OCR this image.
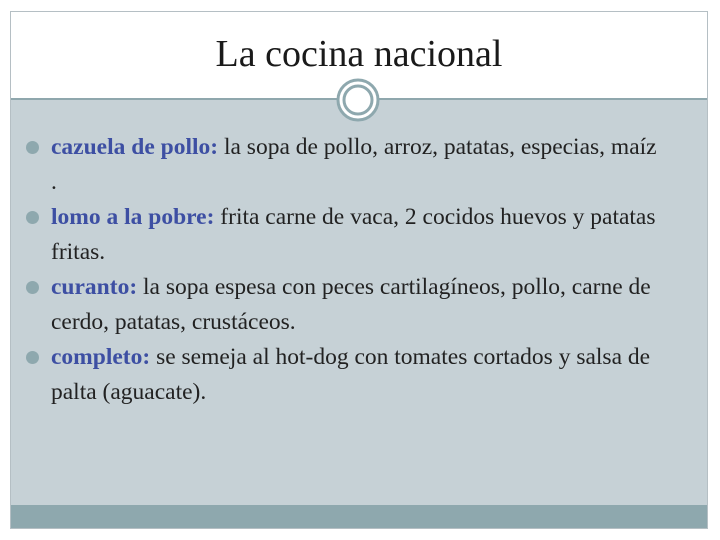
La cocina nacional
cazuela de pollo: la sopa de pollo, arroz, patatas, especias, maíz .
lomo a la pobre: frita carne de vaca, 2 cocidos huevos y patatas fritas.
curanto: la sopa espesa con peces cartilagíneos, pollo, carne de cerdo, patatas, crustáceos.
completo: se semeja al hot-dog con tomates cortados y salsa de palta (aguacate).
